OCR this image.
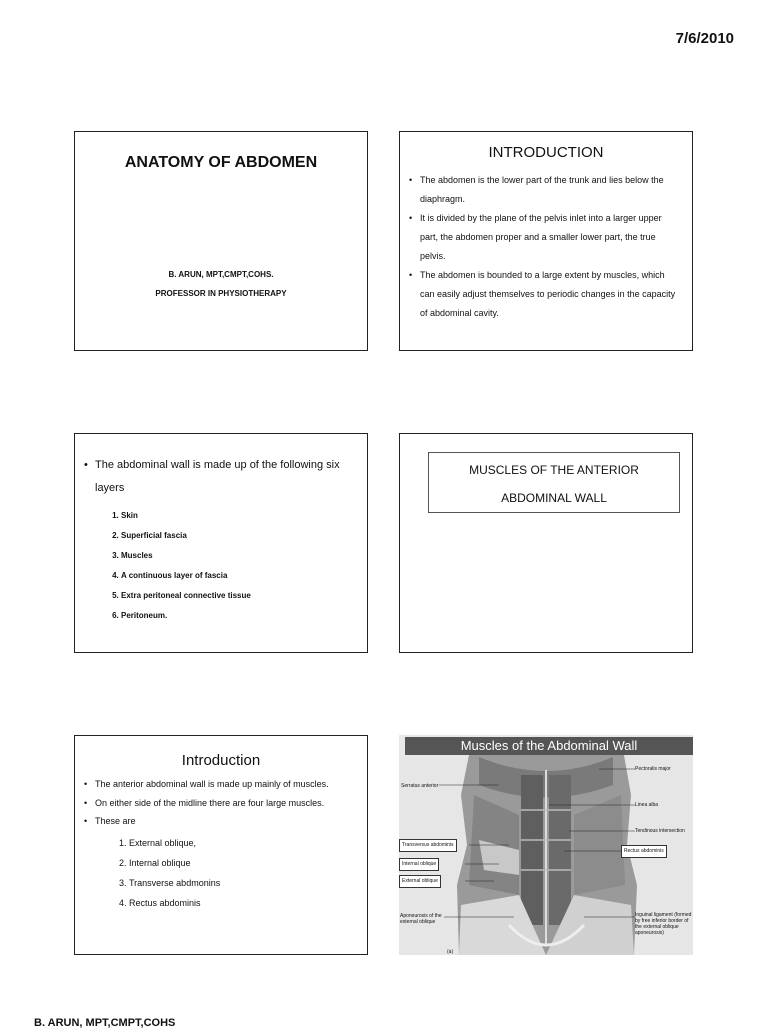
7/6/2010
ANATOMY OF ABDOMEN
B. ARUN, MPT,CMPT,COHS.
PROFESSOR IN PHYSIOTHERAPY
INTRODUCTION
• The abdomen is the lower part of the trunk and lies below the diaphragm.
• It is divided by the plane of the pelvis inlet into a larger upper part, the abdomen proper and a smaller lower part, the true pelvis.
• The abdomen is bounded to a large extent by muscles, which can easily adjust themselves to periodic changes in the capacity of abdominal cavity.
• The abdominal wall is made up of the following six layers
1. Skin
2. Superficial fascia
3. Muscles
4. A continuous layer of fascia
5. Extra peritoneal connective tissue
6. Peritoneum.
MUSCLES OF THE ANTERIOR
ABDOMINAL WALL
Introduction
• The anterior abdominal wall is made up mainly of muscles.
• On either side of the midline there are four large muscles.
• These are
1. External oblique,
2. Internal oblique
3. Transverse abdmonins
4. Rectus abdominis
Muscles of the Abdominal Wall
Pectoralis major
Serratus anterior
Linea alba
Tendinous intersection
Rectus abdominis
Transversus abdominis
Internal oblique
External oblique
Aponeurosis of the external oblique
Inguinal ligament (formed by free inferior border of the external oblique aponeurosis)
(a)
B. ARUN, MPT,CMPT,COHS
